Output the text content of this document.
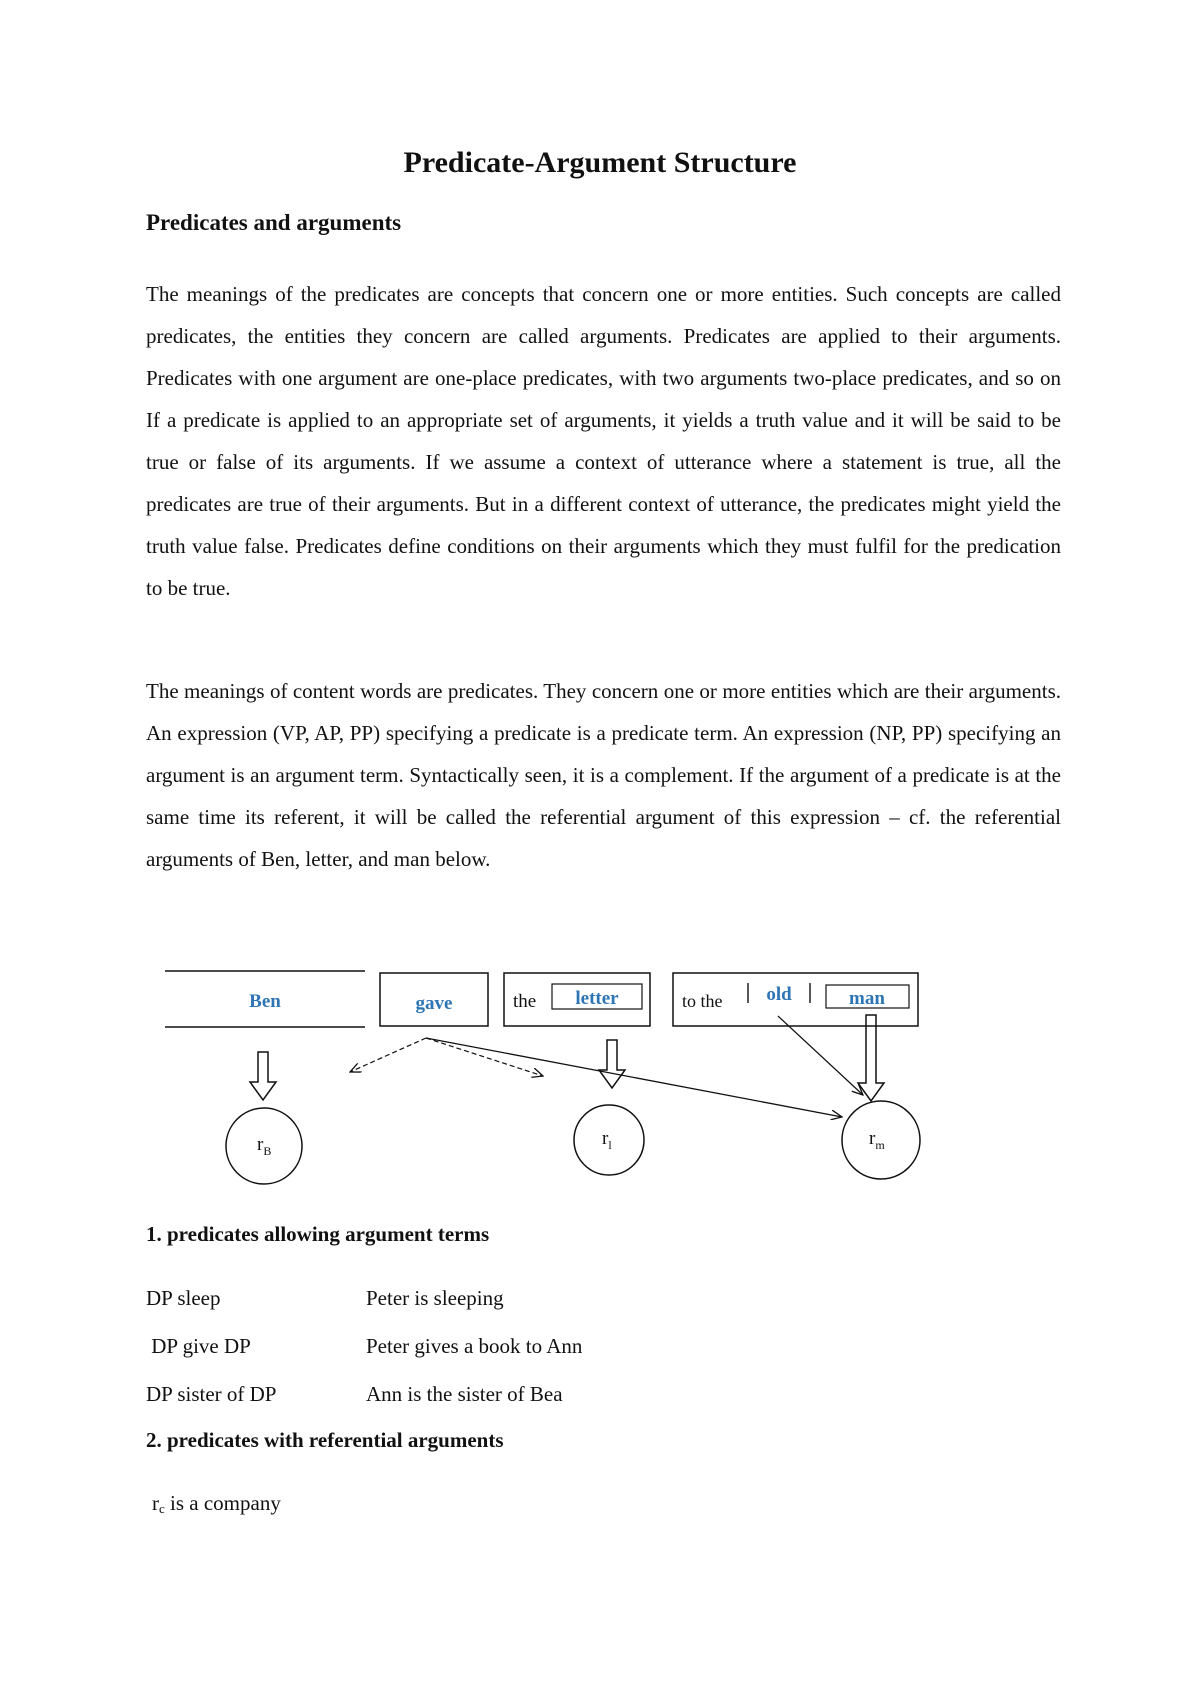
Predicate-Argument Structure
Predicates and arguments

The meanings of the predicates are concepts that concern one or more entities. Such concepts are called predicates, the entities they concern are called arguments. Predicates are applied to their arguments. Predicates with one argument are one-place predicates, with two arguments two-place predicates, and so on If a predicate is applied to an appropriate set of arguments, it yields a truth value and it will be said to be true or false of its arguments. If we assume a context of utterance where a statement is true, all the predicates are true of their arguments. But in a different context of utterance, the predicates might yield the truth value false. Predicates define conditions on their arguments which they must fulfil for the predication to be true.

The meanings of content words are predicates. They concern one or more entities which are their arguments. An expression (VP, AP, PP) specifying a predicate is a predicate term. An expression (NP, PP) specifying an argument is an argument term. Syntactically seen, it is a complement. If the argument of a predicate is at the same time its referent, it will be called the referential argument of this expression – cf. the referential arguments of Ben, letter, and man below.

Ben	gave	the letter	to the old	man
$r_B$
$r_l$	$r_m$
1. predicates allowing argument terms
DP sleep	Peter is sleeping
DP give DP	Peter gives a book to Ann
DP sister of DP	Ann is the sister of Bea
2. predicates with referential arguments
$r_c$ is a company
